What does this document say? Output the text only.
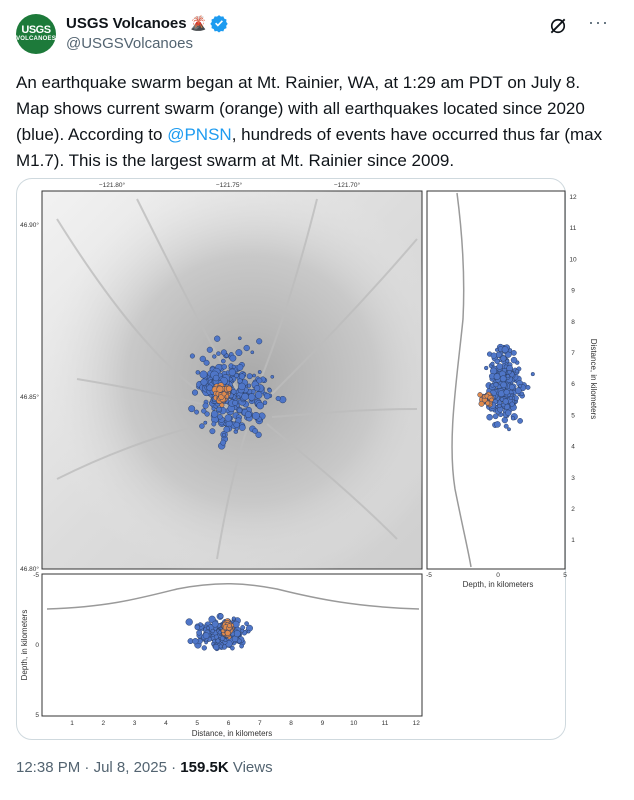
USGS
VOLCANOES
USGS Volcanoes 🌋
@USGSVolcanoes
···
An earthquake swarm began at Mt. Rainier, WA, at 1:29 am PDT on July 8. Map shows current swarm (orange) with all earthquakes located since 2020 (blue). According to @PNSN, hundreds of events have occurred thus far (max M1.7). This is the largest swarm at Mt. Rainier since 2009.
−121.80°	−121.75°	−121.70°
46.90°
46.85°
46.80°
12
11
10
9
8
7
6
5
4
3
2
1
-5	0	5
Depth, in kilometers
Distance, in kilometers
1	2	3	4	5	6	7	8	9	10	11	12
-5
0
5
Distance, in kilometers
Depth, in kilometers
12:38 PM · Jul 8, 2025 · 159.5K Views
